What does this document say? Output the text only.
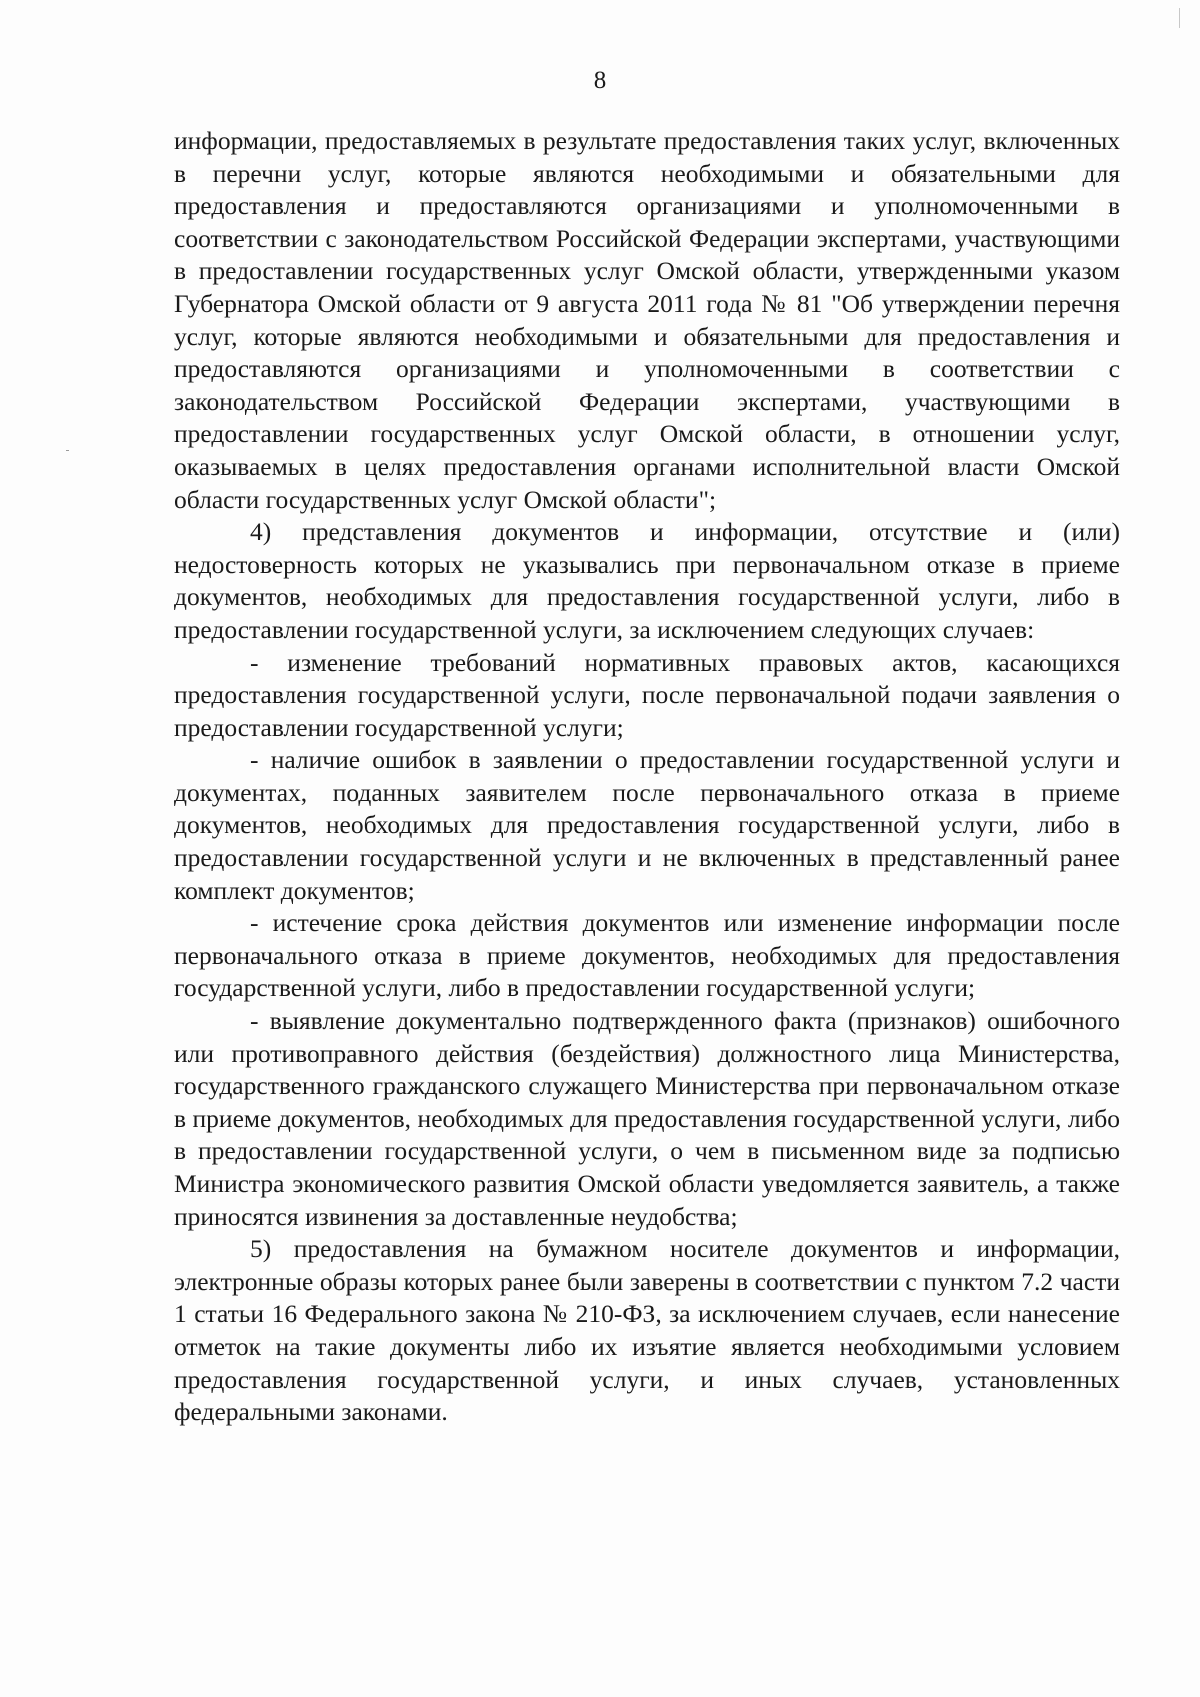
8

информации, предоставляемых в результате предоставления таких услуг, включенных в перечни услуг, которые являются необходимыми и обязательными для предоставления и предоставляются организациями и уполномоченными в соответствии с законодательством Российской Федерации экспертами, участвующими в предоставлении государственных услуг Омской области, утвержденными указом Губернатора Омской области от 9 августа 2011 года № 81 "Об утверждении перечня услуг, которые являются необходимыми и обязательными для предоставления и предоставляются организациями и уполномоченными в соответствии с законодательством Российской Федерации экспертами, участвующими в предоставлении государственных услуг Омской области, в отношении услуг, оказываемых в целях предоставления органами исполнительной власти Омской области государственных услуг Омской области";

4) представления документов и информации, отсутствие и (или) недостоверность которых не указывались при первоначальном отказе в приеме документов, необходимых для предоставления государственной услуги, либо в предоставлении государственной услуги, за исключением следующих случаев:

- изменение требований нормативных правовых актов, касающихся предоставления государственной услуги, после первоначальной подачи заявления о предоставлении государственной услуги;

- наличие ошибок в заявлении о предоставлении государственной услуги и документах, поданных заявителем после первоначального отказа в приеме документов, необходимых для предоставления государственной услуги, либо в предоставлении государственной услуги и не включенных в представленный ранее комплект документов;

- истечение срока действия документов или изменение информации после первоначального отказа в приеме документов, необходимых для предоставления государственной услуги, либо в предоставлении государственной услуги;

- выявление документально подтвержденного факта (признаков) ошибочного или противоправного действия (бездействия) должностного лица Министерства, государственного гражданского служащего Министерства при первоначальном отказе в приеме документов, необходимых для предоставления государственной услуги, либо в предоставлении государственной услуги, о чем в письменном виде за подписью Министра экономического развития Омской области уведомляется заявитель, а также приносятся извинения за доставленные неудобства;

5) предоставления на бумажном носителе документов и информации, электронные образы которых ранее были заверены в соответствии с пунктом 7.2 части 1 статьи 16 Федерального закона № 210-ФЗ, за исключением случаев, если нанесение отметок на такие документы либо их изъятие является необходимыми условием предоставления государственной услуги, и иных случаев, установленных федеральными законами.
